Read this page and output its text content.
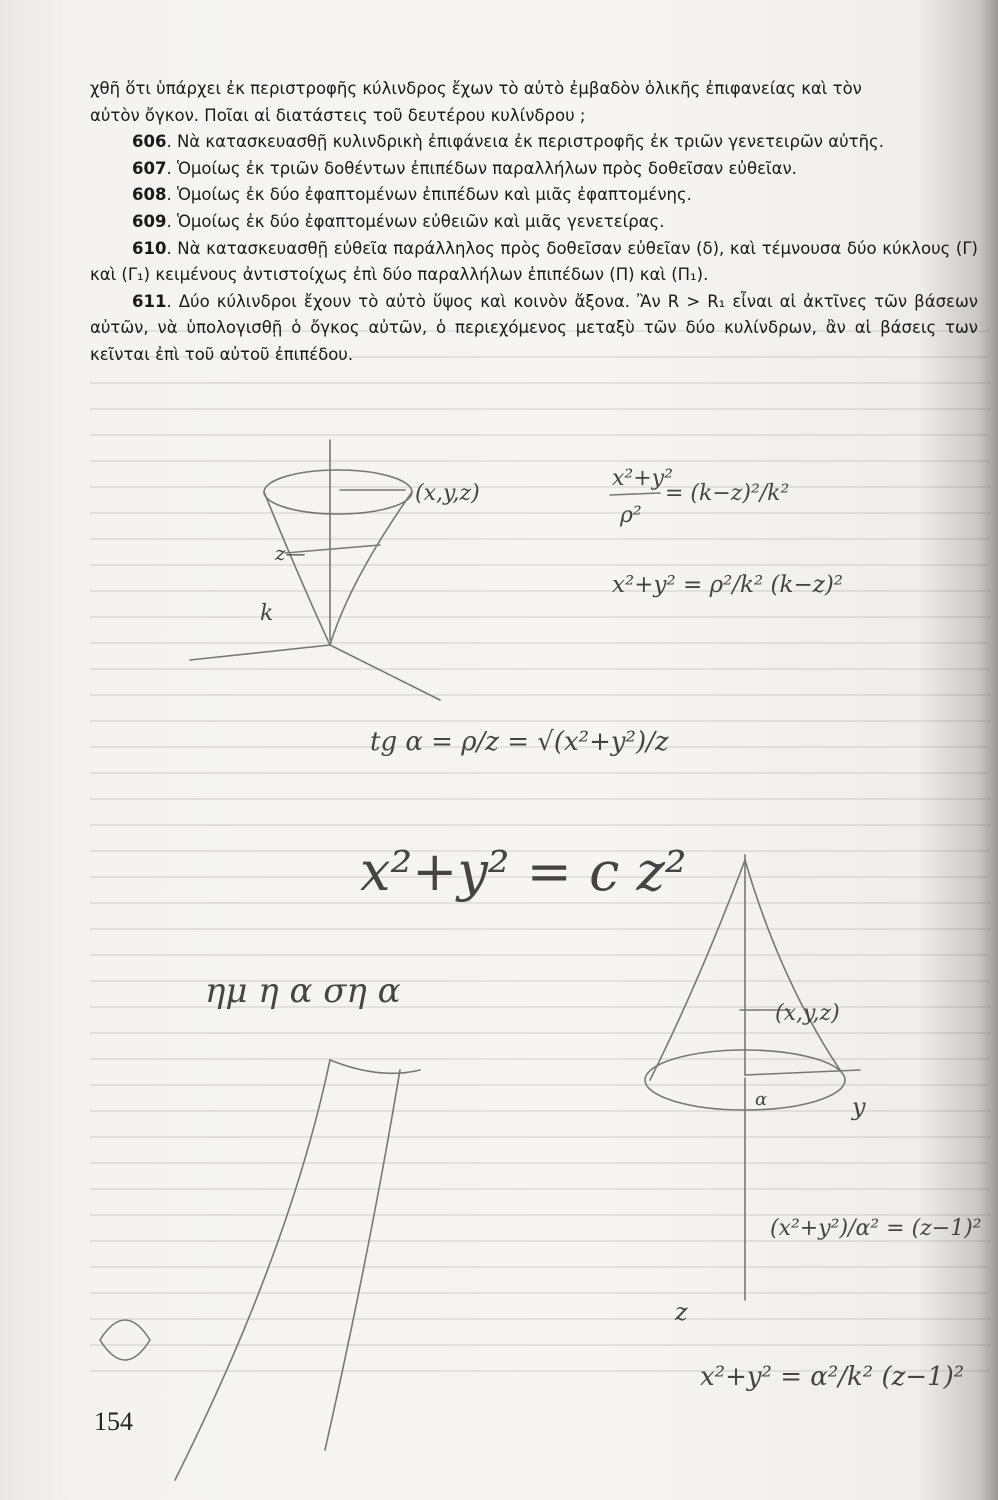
χθῆ ὅτι ὑπάρχει ἐκ περιστροφῆς κύλινδρος ἔχων τὸ αὐτὸ ἐμβαδὸν ὁλικῆς ἐπιφανείας καὶ τὸν

αὐτὸν ὄγκον. Ποῖαι αἱ διατάστεις τοῦ δευτέρου κυλίνδρου ;

606. Νὰ κατασκευασθῇ κυλινδρικὴ ἐπιφάνεια ἐκ περιστροφῆς ἐκ τριῶν γενετειρῶν αὐτῆς.

607. Ὁμοίως ἐκ τριῶν δοθέντων ἐπιπέδων παραλλήλων πρὸς δοθεῖσαν εὐθεῖαν.

608. Ὁμοίως ἐκ δύο ἐφαπτομένων ἐπιπέδων καὶ μιᾶς ἐφαπτομένης.

609. Ὁμοίως ἐκ δύο ἐφαπτομένων εὐθειῶν καὶ μιᾶς γενετείρας.

610. Νὰ κατασκευασθῇ εὐθεῖα παράλληλος πρὸς δοθεῖσαν εὐθεῖαν (δ), καὶ τέμνουσα δύο κύκλους (Γ) καὶ (Γ₁) κειμένους ἀντιστοίχως ἐπὶ δύο παραλλήλων ἐπιπέδων (Π) καὶ (Π₁).

611. Δύο κύλινδροι ἔχουν τὸ αὐτὸ ὕψος καὶ κοινὸν ἄξονα. Ἂν R > R₁ εἶναι αἱ ἀκτῖνες τῶν βάσεων αὐτῶν, νὰ ὑπολογισθῇ ὁ ὄγκος αὐτῶν, ὁ περιεχόμενος μεταξὺ τῶν δύο κυλίνδρων, ἂν αἱ βάσεις των κεῖνται ἐπὶ τοῦ αὐτοῦ ἐπιπέδου.

z—
k
(x,y,z)
x²+y²
ρ²
= (k−z)²/k²
x²+y² = ρ²/k² (k−z)²
tg α = ρ/z = √(x²+y²)/z
x²+y² = c z²
ημ η α ση α
(x,y,z)
α	y
z
(x²+y²)/α² = (z−1)²
x²+y² = α²/k² (z−1)²
154
